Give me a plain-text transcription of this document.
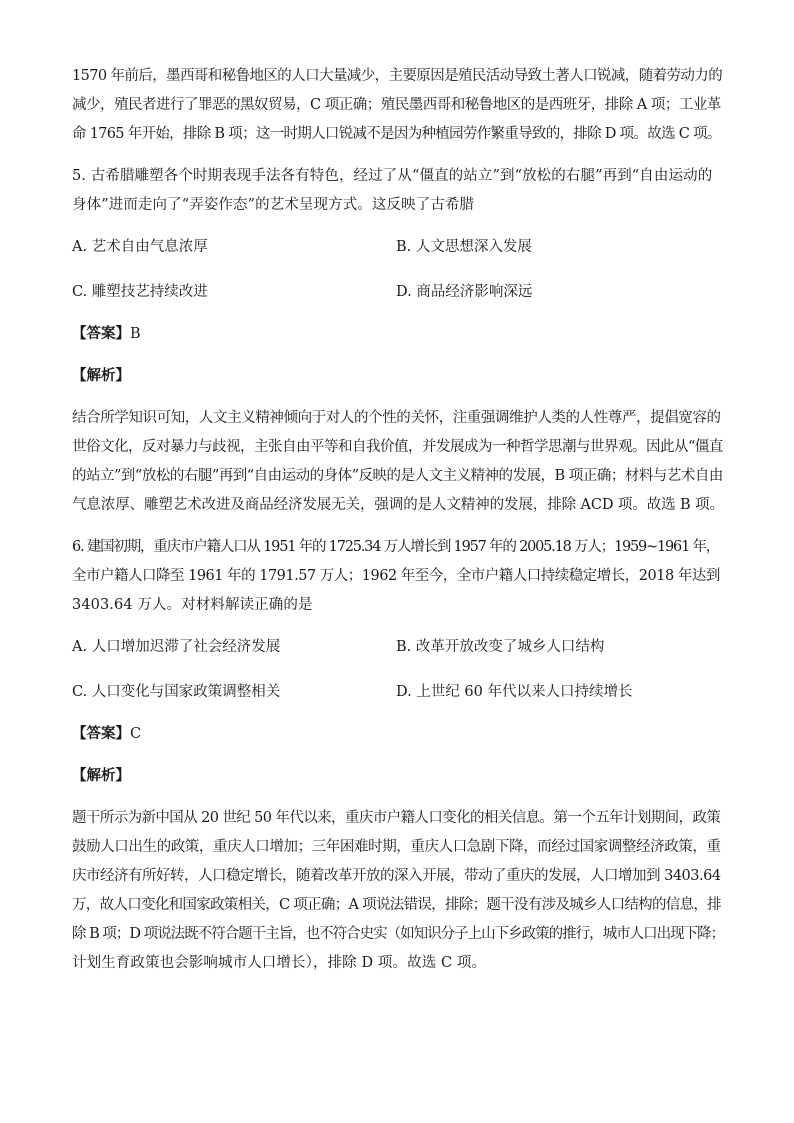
1570 年前后，墨西哥和秘鲁地区的人口大量减少，主要原因是殖民活动导致土著人口锐减，随着劳动力的
减少，殖民者进行了罪恶的黑奴贸易，C 项正确；殖民墨西哥和秘鲁地区的是西班牙，排除 A 项；工业革
命 1765 年开始，排除 B 项；这一时期人口锐减不是因为种植园劳作繁重导致的，排除 D 项。故选 C 项。
5. 古希腊雕塑各个时期表现手法各有特色，经过了从“僵直的站立”到“放松的右腿”再到“自由运动的
身体”进而走向了“弄姿作态”的艺术呈现方式。这反映了古希腊
A. 艺术自由气息浓厚	B. 人文思想深入发展
C. 雕塑技艺持续改进	D. 商品经济影响深远

【答案】B

【解析】

结合所学知识可知，人文主义精神倾向于对人的个性的关怀，注重强调维护人类的人性尊严，提倡宽容的
世俗文化，反对暴力与歧视，主张自由平等和自我价值，并发展成为一种哲学思潮与世界观。因此从“僵直
的站立”到“放松的右腿”再到“自由运动的身体”反映的是人文主义精神的发展，B 项正确；材料与艺术自由
气息浓厚、雕塑艺术改进及商品经济发展无关，强调的是人文精神的发展，排除 ACD 项。故选 B 项。
6. 建国初期，重庆市户籍人口从 1951 年的 1725.34 万人增长到 1957 年的 2005.18 万人；1959~1961 年，
全市户籍人口降至 1961 年的 1791.57 万人；1962 年至今，全市户籍人口持续稳定增长，2018 年达到
3403.64 万人。对材料解读正确的是
A. 人口增加迟滞了社会经济发展	B. 改革开放改变了城乡人口结构
C. 人口变化与国家政策调整相关	D. 上世纪 60 年代以来人口持续增长

【答案】C

【解析】

题干所示为新中国从 20 世纪 50 年代以来，重庆市户籍人口变化的相关信息。第一个五年计划期间，政策
鼓励人口出生的政策，重庆人口增加；三年困难时期，重庆人口急剧下降，而经过国家调整经济政策，重
庆市经济有所好转，人口稳定增长，随着改革开放的深入开展，带动了重庆的发展，人口增加到 3403.64
万，故人口变化和国家政策相关，C 项正确；A 项说法错误，排除；题干没有涉及城乡人口结构的信息，排
除 B 项；D 项说法既不符合题干主旨，也不符合史实（如知识分子上山下乡政策的推行，城市人口出现下降；
计划生育政策也会影响城市人口增长），排除 D 项。故选 C 项。
